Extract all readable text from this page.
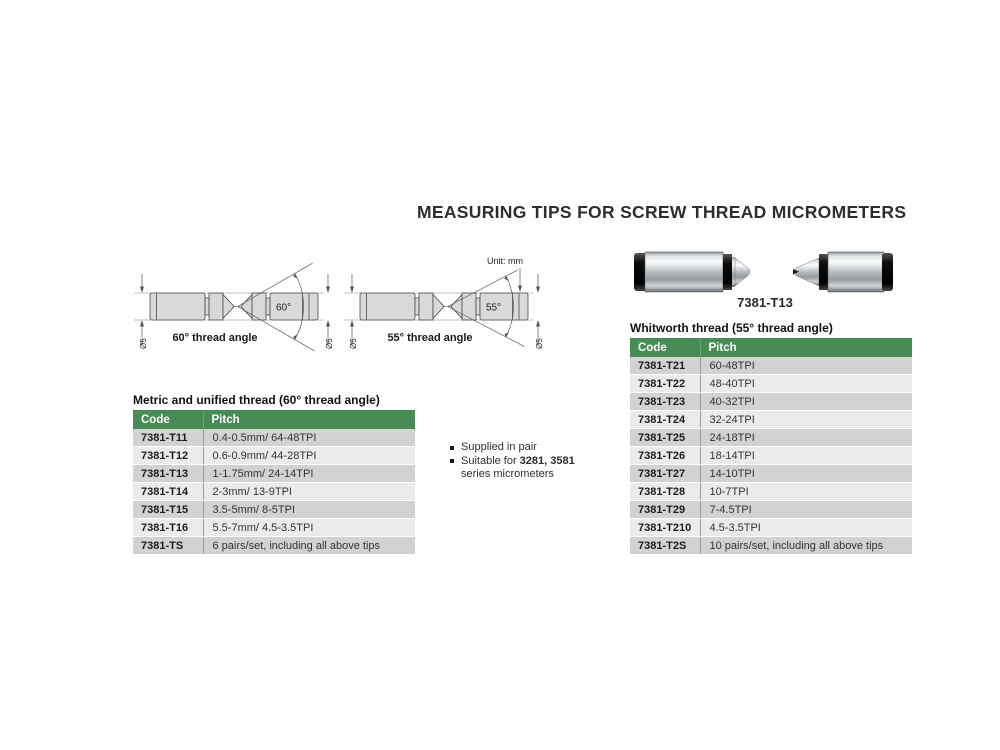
MEASURING TIPS FOR SCREW THREAD MICROMETERS
Ø5	Ø5
60°
60° thread angle
Unit: mm
Ø5	Ø5
55°
55° thread angle
7381-T13
Supplied in pair
Suitable for 3281, 3581
series micrometers
Metric and unified thread (60° thread angle)
Code	Pitch
7381-T11	0.4-0.5mm/ 64-48TPI
7381-T12	0.6-0.9mm/ 44-28TPI
7381-T13	1-1.75mm/ 24-14TPI
7381-T14	2-3mm/ 13-9TPI
7381-T15	3.5-5mm/ 8-5TPI
7381-T16	5.5-7mm/ 4.5-3.5TPI
7381-TS	6 pairs/set, including all above tips
Whitworth thread (55° thread angle)
Code	Pitch
7381-T21	60-48TPI
7381-T22	48-40TPI
7381-T23	40-32TPI
7381-T24	32-24TPI
7381-T25	24-18TPI
7381-T26	18-14TPI
7381-T27	14-10TPI
7381-T28	10-7TPI
7381-T29	7-4.5TPI
7381-T210	4.5-3.5TPI
7381-T2S	10 pairs/set, including all above tips
